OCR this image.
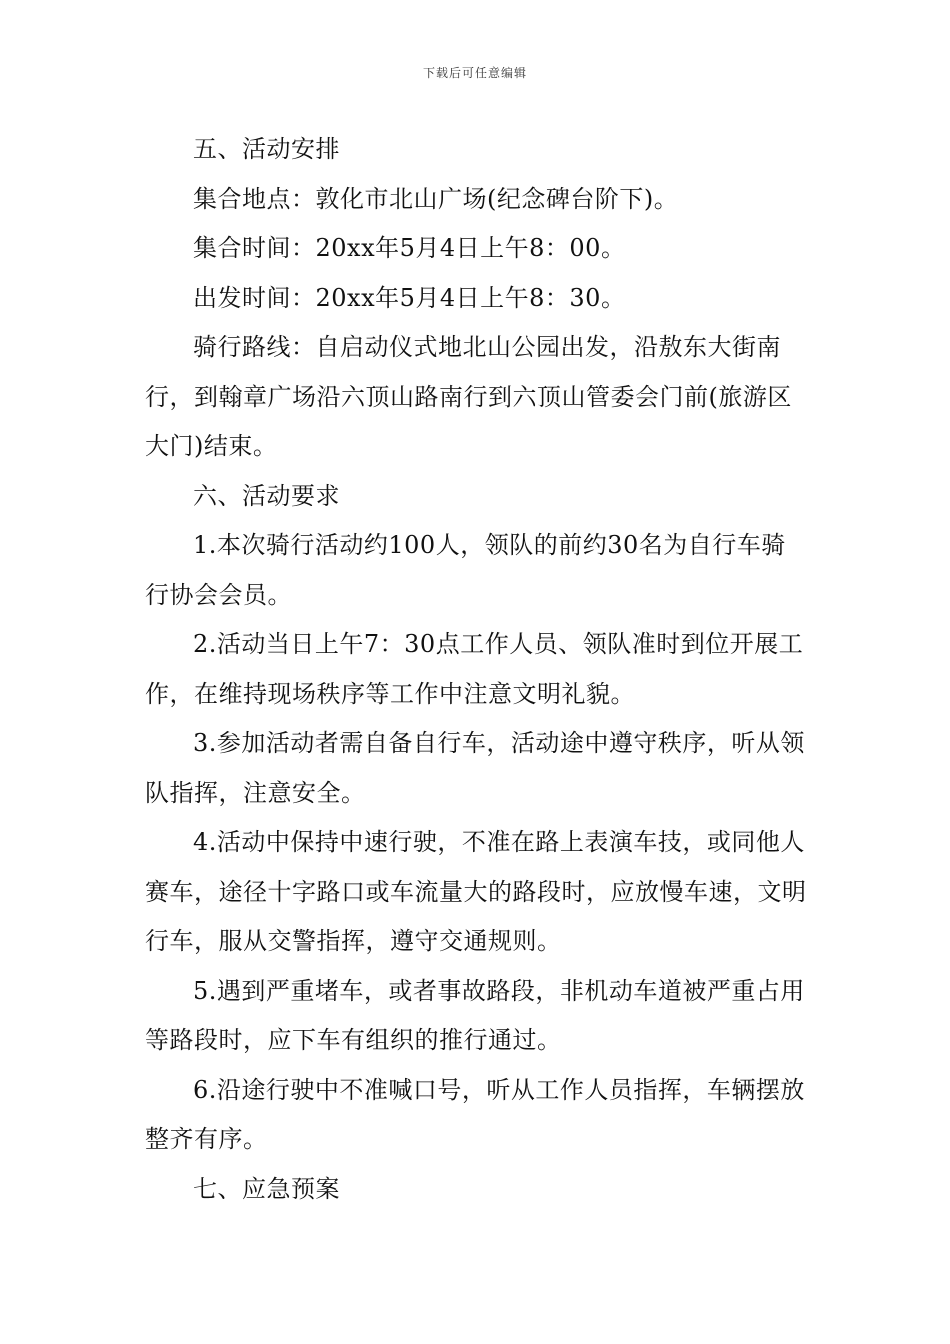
下载后可任意编辑

五、活动安排

集合地点：敦化市北山广场(纪念碑台阶下)。

集合时间：20xx年5月4日上午8：00。

出发时间：20xx年5月4日上午8：30。

骑行路线：自启动仪式地北山公园出发，沿敖东大街南行，到翰章广场沿六顶山路南行到六顶山管委会门前(旅游区大门)结束。

六、活动要求

1.本次骑行活动约100人，领队的前约30名为自行车骑行协会会员。

2.活动当日上午7：30点工作人员、领队准时到位开展工作，在维持现场秩序等工作中注意文明礼貌。

3.参加活动者需自备自行车，活动途中遵守秩序，听从领队指挥，注意安全。

4.活动中保持中速行驶，不准在路上表演车技，或同他人赛车，途径十字路口或车流量大的路段时，应放慢车速，文明行车，服从交警指挥，遵守交通规则。

5.遇到严重堵车，或者事故路段，非机动车道被严重占用等路段时，应下车有组织的推行通过。

6.沿途行驶中不准喊口号，听从工作人员指挥，车辆摆放整齐有序。

七、应急预案
